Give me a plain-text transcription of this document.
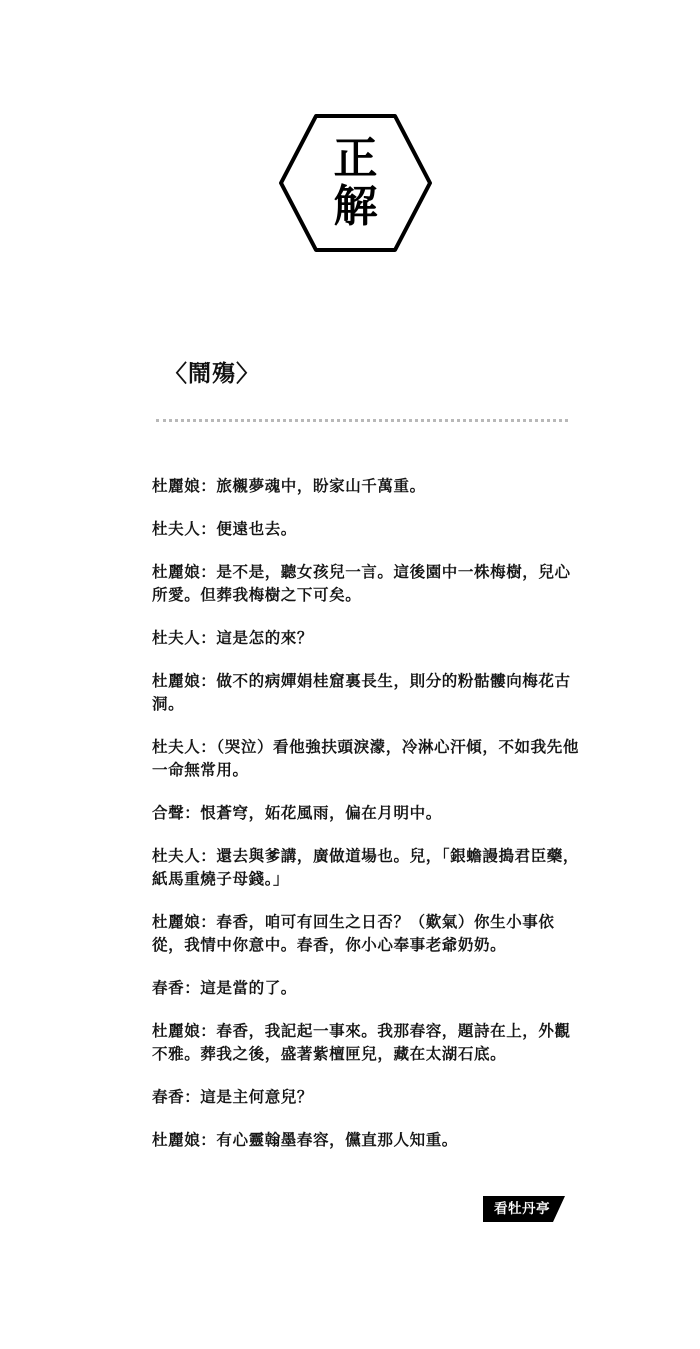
正
解
〈鬧殤〉

杜麗娘：旅櫬夢魂中，盼家山千萬重。

杜夫人：便遠也去。

杜麗娘：是不是，聽女孩兒一言。這後園中一株梅樹，兒心所愛。但葬我梅樹之下可矣。

杜夫人：這是怎的來？

杜麗娘：做不的病嬋娟桂窟裏長生，則分的粉骷髏向梅花古洞。

杜夫人：（哭泣）看他強扶頭淚濛，冷淋心汗傾，不如我先他一命無常用。

合聲：恨蒼穹，妬花風雨，偏在月明中。

杜夫人：還去與爹講，廣做道場也。兒，「銀蟾謾搗君臣藥，紙馬重燒子母錢。」

杜麗娘：春香，咱可有回生之日否？（歎氣）你生小事依從，我情中你意中。春香，你小心奉事老爺奶奶。

春香：這是當的了。

杜麗娘：春香，我記起一事來。我那春容，題詩在上，外觀不雅。葬我之後，盛著紫檀匣兒，藏在太湖石底。

春香：這是主何意兒？

杜麗娘：有心靈翰墨春容，儻直那人知重。

看牡丹亭
